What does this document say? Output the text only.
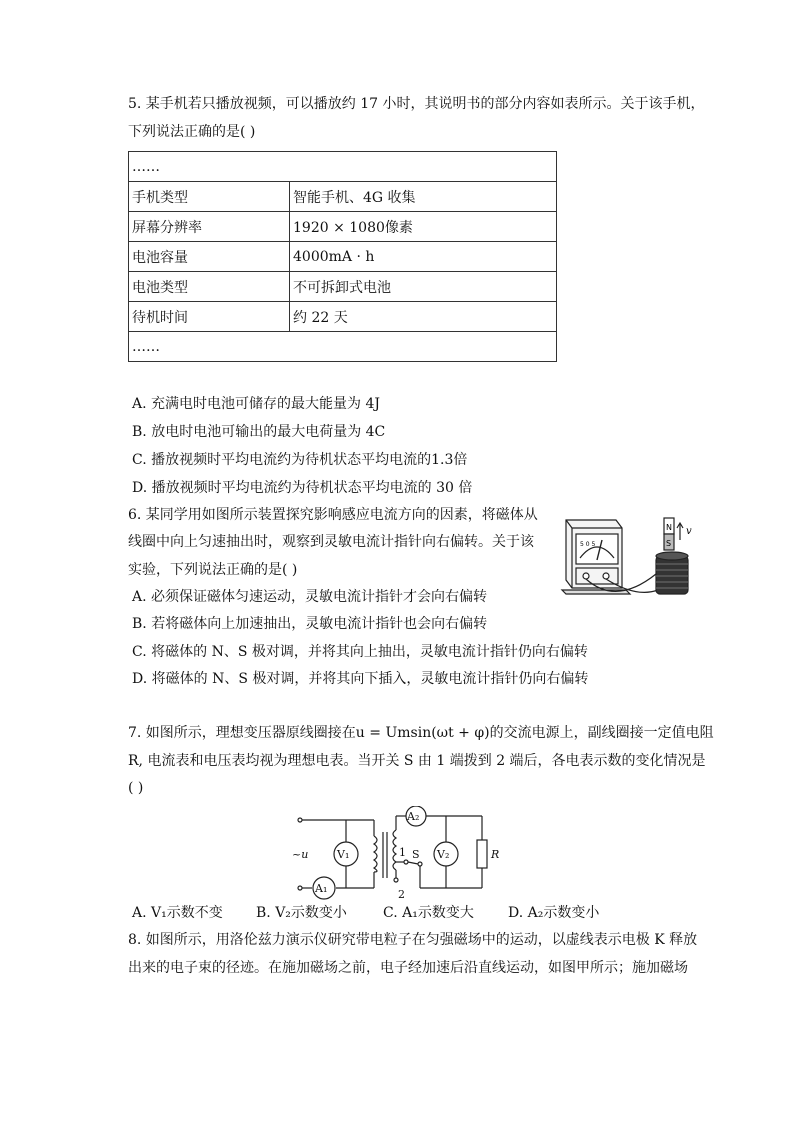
5. 某手机若只播放视频，可以播放约 17 小时，其说明书的部分内容如表所示。关于该手机，
下列说法正确的是( )
……	
手机类型	智能手机、4G 收集
屏幕分辨率	1920 × 1080像素
电池容量	4000mA · h
电池类型	不可拆卸式电池
待机时间	约 22 天
……	
A. 充满电时电池可储存的最大能量为 4J
B. 放电时电池可输出的最大电荷量为 4C
C. 播放视频时平均电流约为待机状态平均电流的1.3倍
D. 播放视频时平均电流约为待机状态平均电流的 30 倍
6. 某同学用如图所示装置探究影响感应电流方向的因素，将磁体从
线圈中向上匀速抽出时，观察到灵敏电流计指针向右偏转。关于该
实验，下列说法正确的是( )
A. 必须保证磁体匀速运动，灵敏电流计指针才会向右偏转
B. 若将磁体向上加速抽出，灵敏电流计指针也会向右偏转
C. 将磁体的 N、S 极对调，并将其向上抽出，灵敏电流计指针仍向右偏转
D. 将磁体的 N、S 极对调，并将其向下插入，灵敏电流计指针仍向右偏转
5 0 5
N
S
v
7. 如图所示，理想变压器原线圈接在u = Umsin(ωt + φ)的交流电源上，副线圈接一定值电阻
R, 电流表和电压表均视为理想电表。当开关 S 由 1 端拨到 2 端后，各电表示数的变化情况是
( )
~u	V₁
A₁
A₂
V₂	R
S
1
2
A. V₁示数不变 B. V₂示数变小	C. A₁示数变大 D. A₂示数变小
8. 如图所示，用洛伦兹力演示仪研究带电粒子在匀强磁场中的运动，以虚线表示电极 K 释放
出来的电子束的径迹。在施加磁场之前，电子经加速后沿直线运动，如图甲所示；施加磁场
